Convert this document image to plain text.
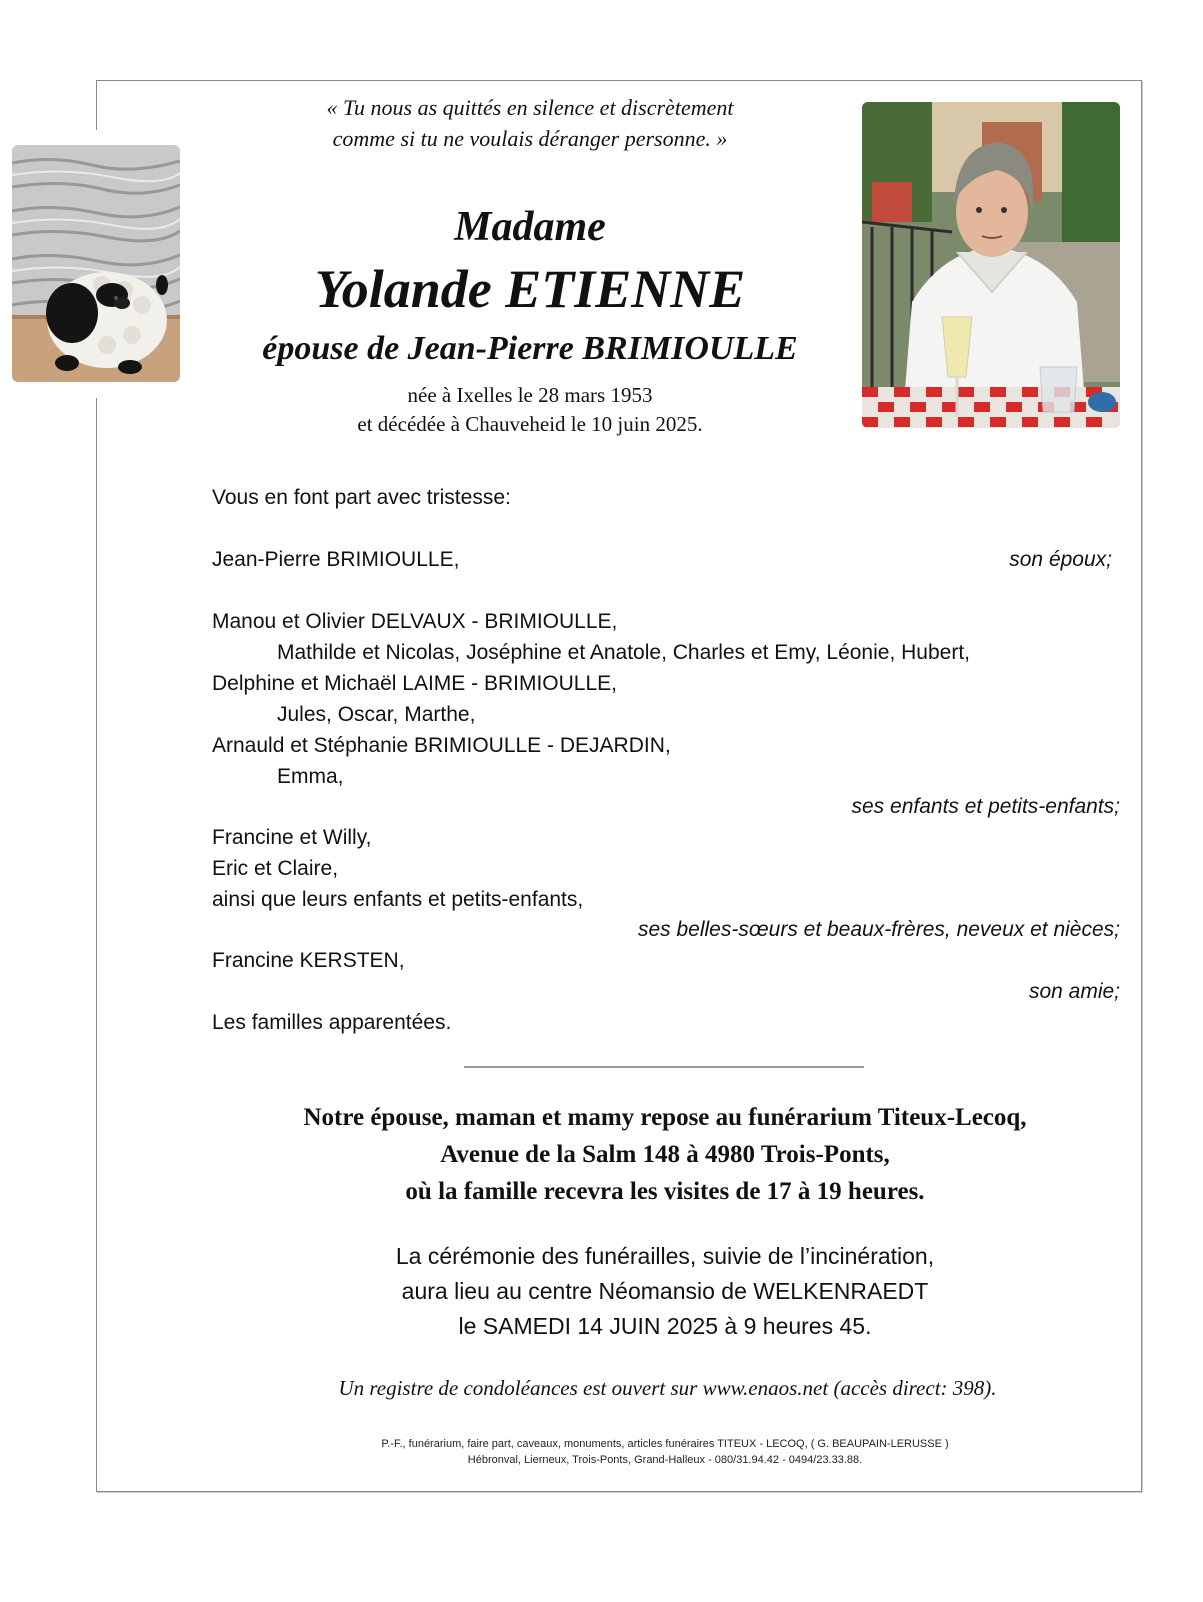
« Tu nous as quittés en silence et discrètement
comme si tu ne voulais déranger personne. »
Madame
Yolande ETIENNE
épouse de Jean-Pierre BRIMIOULLE
née à Ixelles le 28 mars 1953
et décédée à Chauveheid le 10 juin 2025.
Vous en font part avec tristesse:
Jean-Pierre BRIMIOULLE,	son époux;
Manou et Olivier DELVAUX - BRIMIOULLE,
Mathilde et Nicolas, Joséphine et Anatole, Charles et Emy, Léonie, Hubert,
Delphine et Michaël LAIME - BRIMIOULLE,
Jules, Oscar, Marthe,
Arnauld et Stéphanie BRIMIOULLE - DEJARDIN,
Emma,
ses enfants et petits-enfants;
Francine et Willy,
Eric et Claire,
ainsi que leurs enfants et petits-enfants,
ses belles-sœurs et beaux-frères, neveux et nièces;
Francine KERSTEN,
son amie;
Les familles apparentées.
Notre épouse, maman et mamy repose au funérarium Titeux-Lecoq,
Avenue de la Salm 148 à 4980 Trois-Ponts,
où la famille recevra les visites de 17 à 19 heures.
La cérémonie des funérailles, suivie de l’incinération,
aura lieu au centre Néomansio de WELKENRAEDT
le SAMEDI 14 JUIN 2025 à 9 heures 45.
Un registre de condoléances est ouvert sur www.enaos.net (accès direct: 398).
P.-F., funérarium, faire part, caveaux, monuments, articles funéraires TITEUX - LECOQ, ( G. BEAUPAIN-LERUSSE )
Hébronval, Lierneux, Trois-Ponts, Grand-Halleux - 080/31.94.42 - 0494/23.33.88.
